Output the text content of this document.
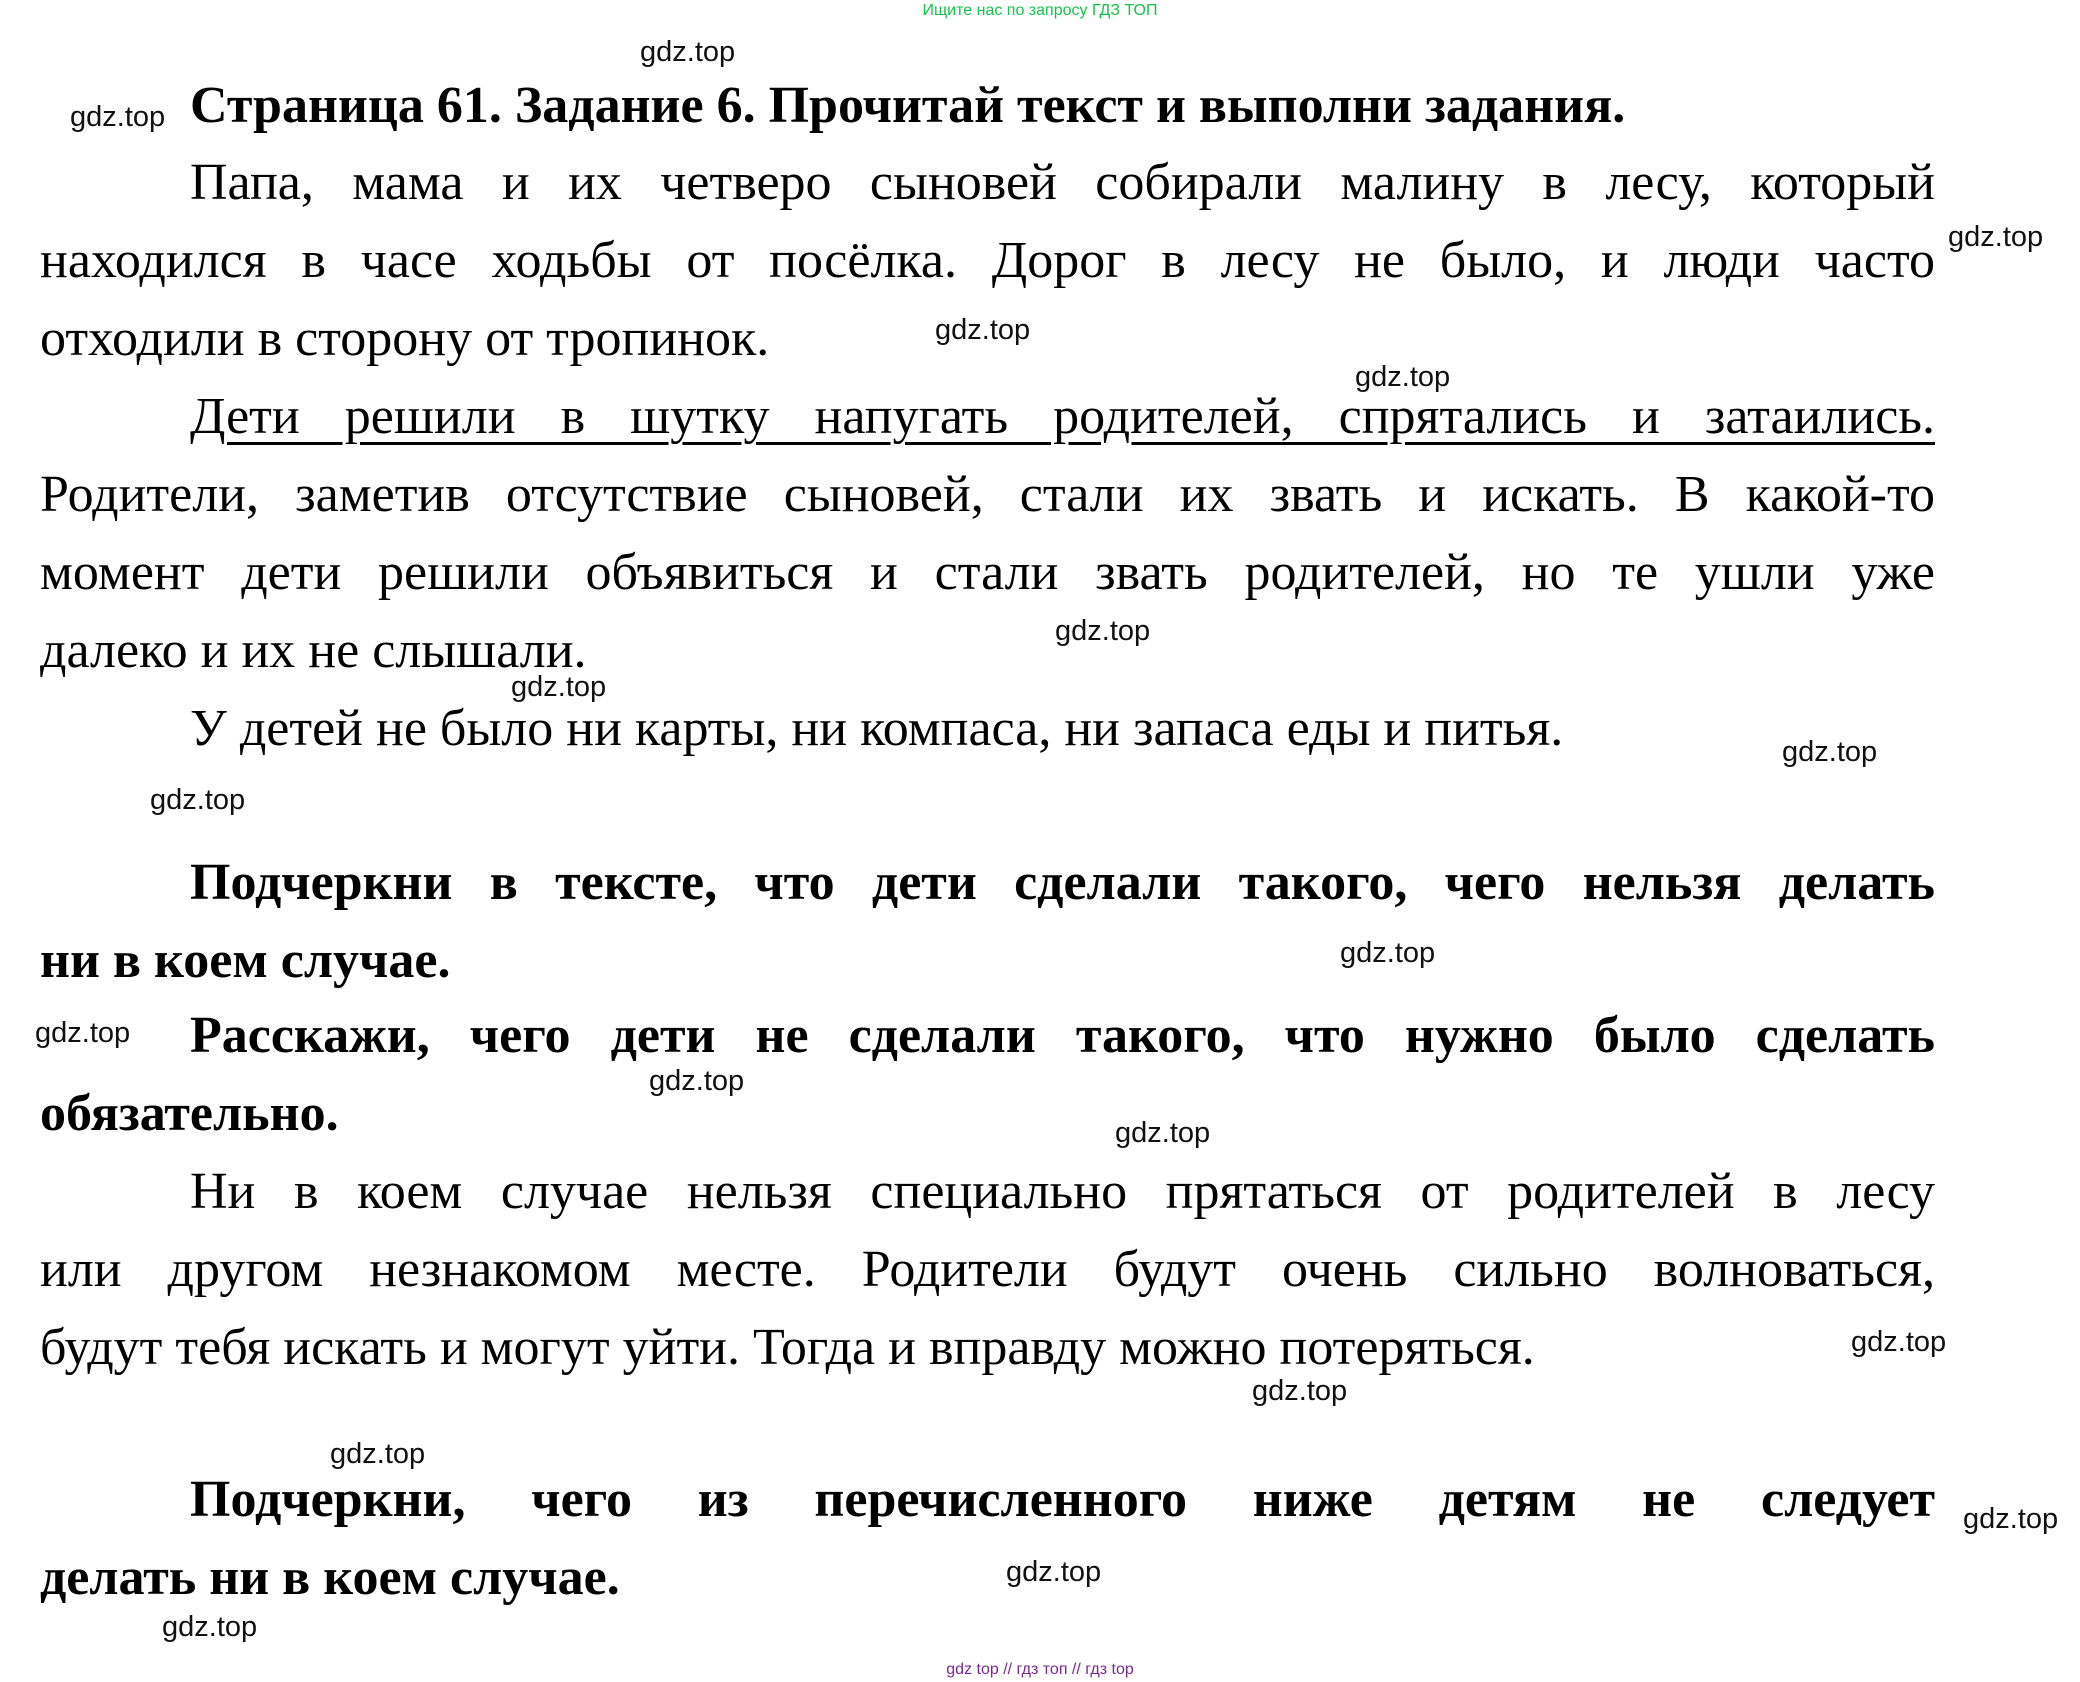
Ищите нас по запросу ГДЗ ТОП
gdz top // гдз топ // гдз top
Страница 61. Задание 6. Прочитай текст и выполни задания.
Папа, мама и их четверо сыновей собирали малину в лесу, который
находился в часе ходьбы от посёлка. Дорог в лесу не было, и люди часто
отходили в сторону от тропинок.
Дети решили в шутку напугать родителей, спрятались и затаились.
Родители, заметив отсутствие сыновей, стали их звать и искать. В какой-то
момент дети решили объявиться и стали звать родителей, но те ушли уже
далеко и их не слышали.
У детей не было ни карты, ни компаса, ни запаса еды и питья.
Подчеркни в тексте, что дети сделали такого, чего нельзя делать
ни в коем случае.
Расскажи, чего дети не сделали такого, что нужно было сделать
обязательно.
Ни в коем случае нельзя специально прятаться от родителей в лесу
или другом незнакомом месте. Родители будут очень сильно волноваться,
будут тебя искать и могут уйти. Тогда и вправду можно потеряться.
Подчеркни, чего из перечисленного ниже детям не следует
делать ни в коем случае.
gdz.top
gdz.top
gdz.top
gdz.top
gdz.top
gdz.top
gdz.top
gdz.top
gdz.top
gdz.top
gdz.top
gdz.top
gdz.top
gdz.top
gdz.top
gdz.top
gdz.top
gdz.top
gdz.top
